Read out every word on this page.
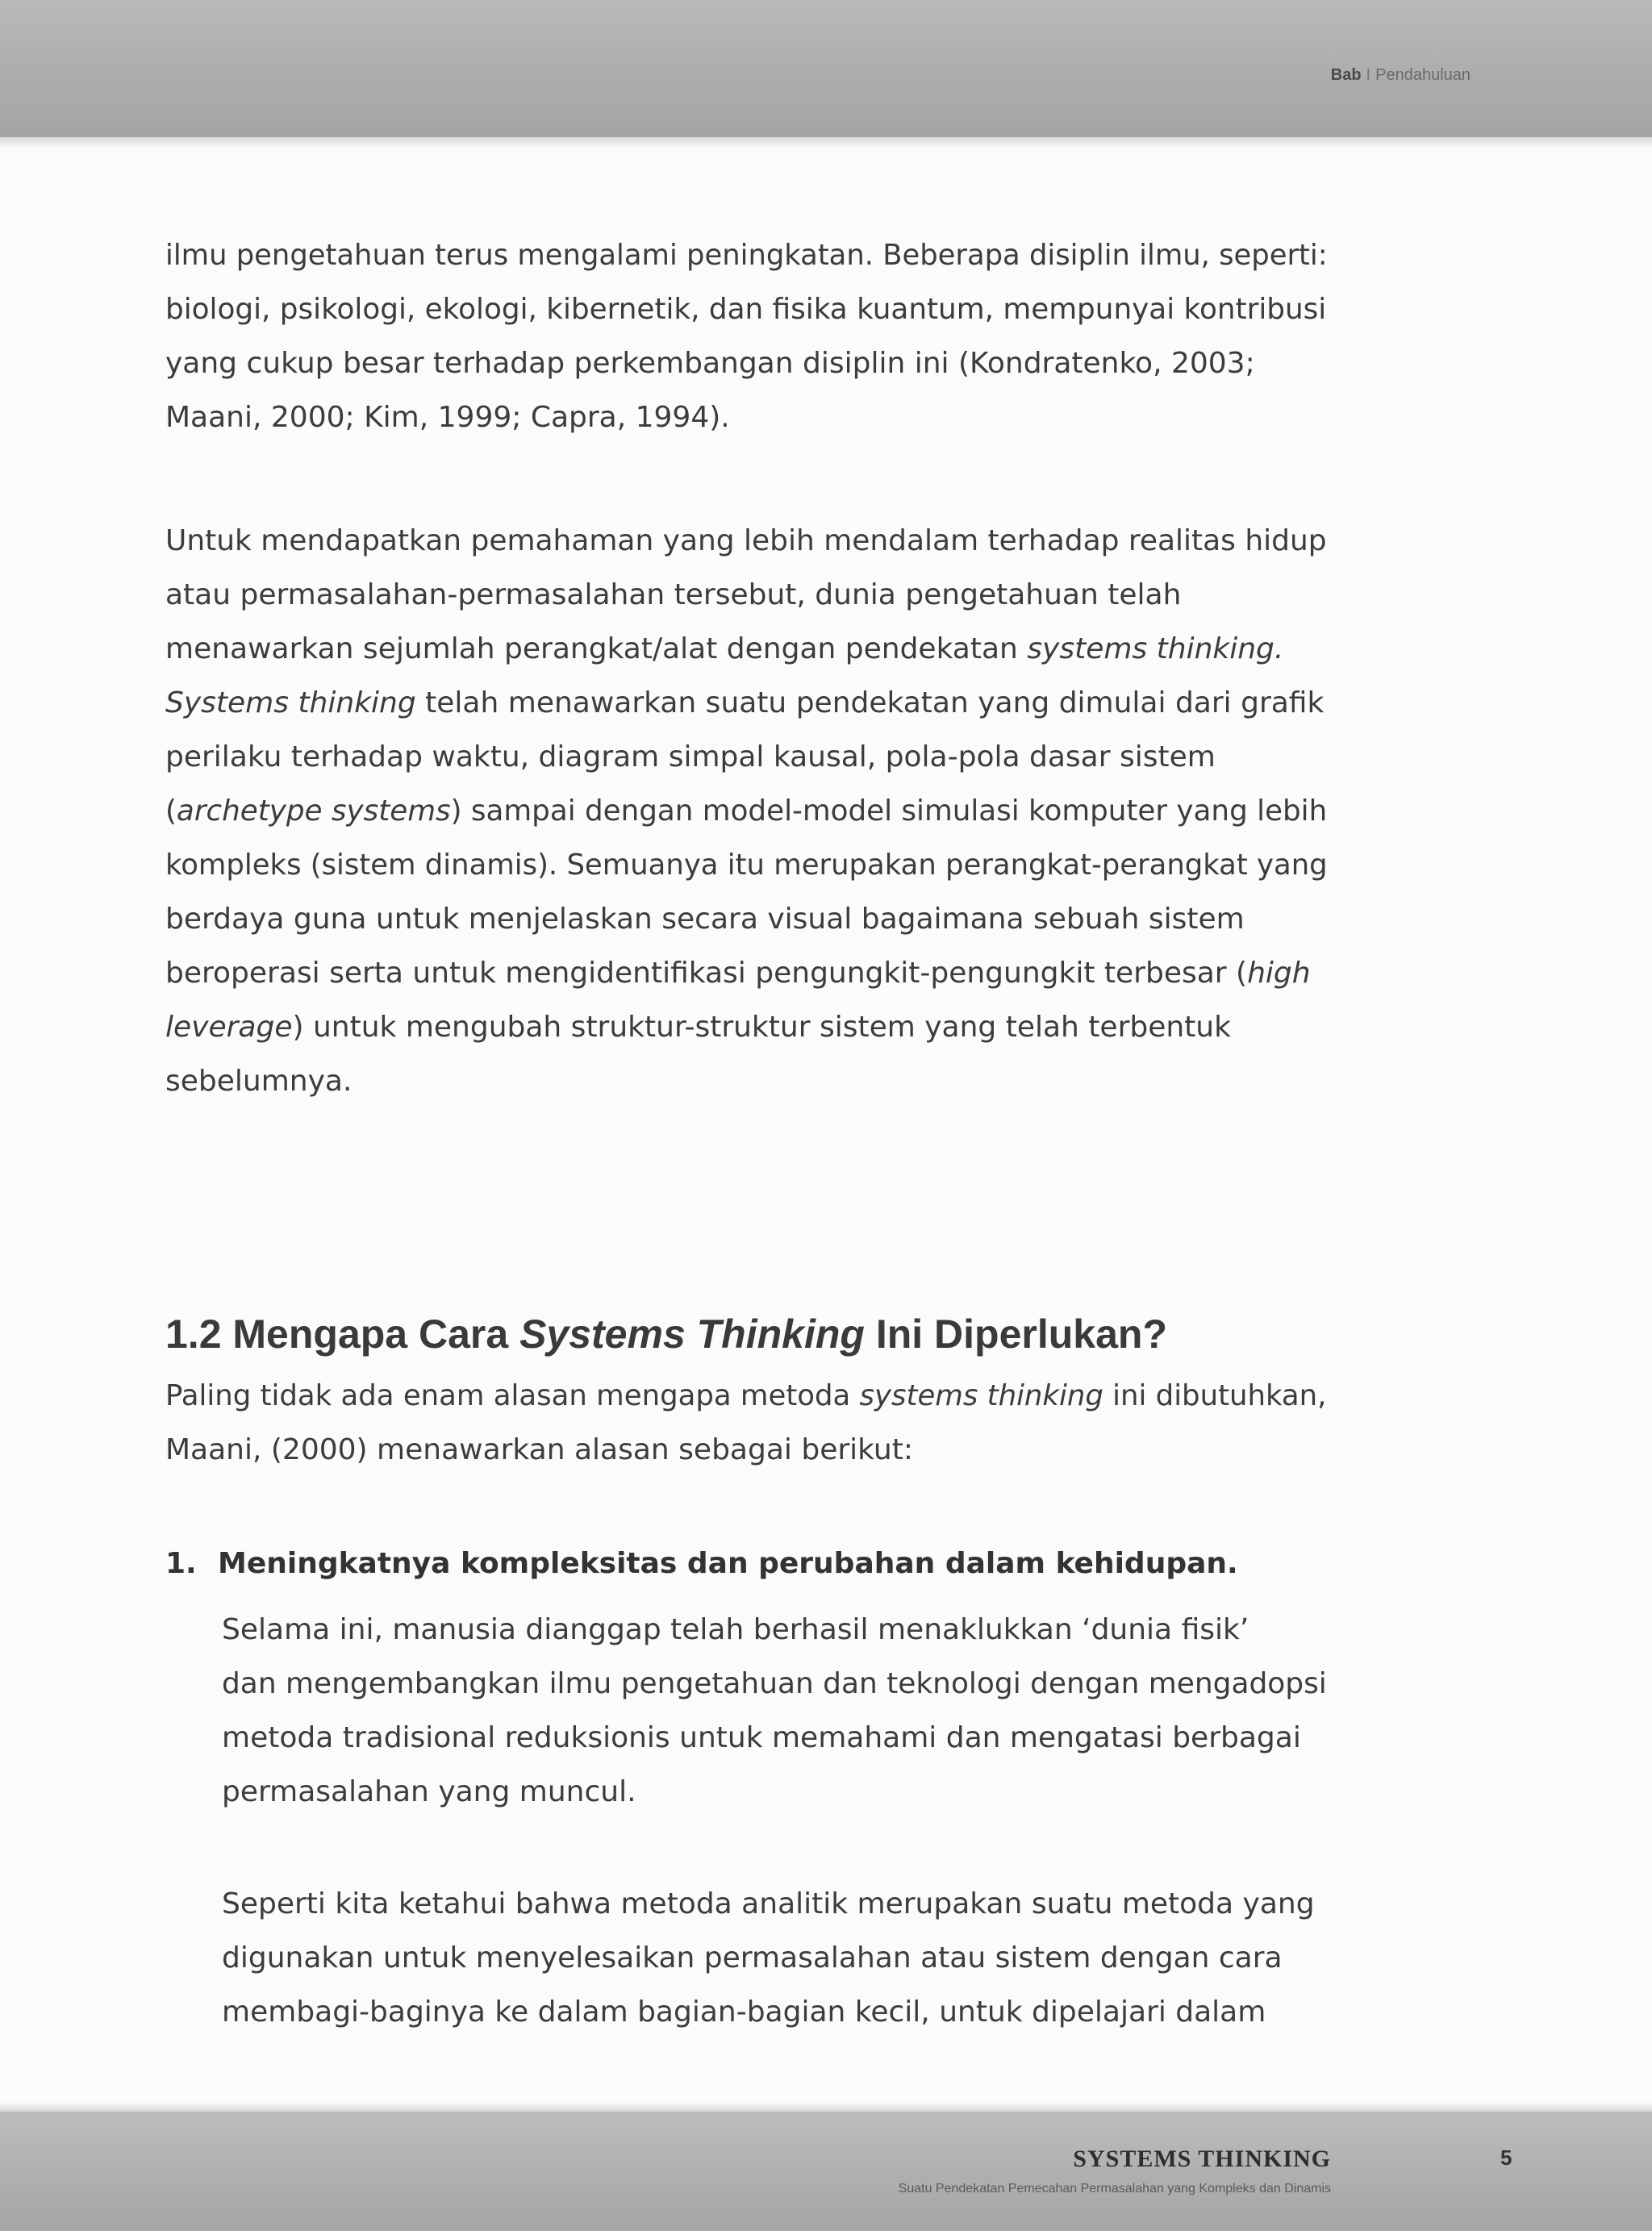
Bab I Pendahuluan
ilmu pengetahuan terus mengalami peningkatan. Beberapa disiplin ilmu, seperti:
biologi, psikologi, ekologi, kibernetik, dan fisika kuantum, mempunyai kontribusi
yang cukup besar terhadap perkembangan disiplin ini (Kondratenko, 2003;
Maani, 2000; Kim, 1999; Capra, 1994).
Untuk mendapatkan pemahaman yang lebih mendalam terhadap realitas hidup
atau permasalahan-permasalahan tersebut, dunia pengetahuan telah
menawarkan sejumlah perangkat/alat dengan pendekatan systems thinking.
Systems thinking telah menawarkan suatu pendekatan yang dimulai dari grafik
perilaku terhadap waktu, diagram simpal kausal, pola-pola dasar sistem
(archetype systems) sampai dengan model-model simulasi komputer yang lebih
kompleks (sistem dinamis). Semuanya itu merupakan perangkat-perangkat yang
berdaya guna untuk menjelaskan secara visual bagaimana sebuah sistem
beroperasi serta untuk mengidentifikasi pengungkit-pengungkit terbesar (high
leverage) untuk mengubah struktur-struktur sistem yang telah terbentuk
sebelumnya.
1.2 Mengapa Cara Systems Thinking Ini Diperlukan?
Paling tidak ada enam alasan mengapa metoda systems thinking ini dibutuhkan,
Maani, (2000) menawarkan alasan sebagai berikut:
1. Meningkatnya kompleksitas dan perubahan dalam kehidupan.
Selama ini, manusia dianggap telah berhasil menaklukkan ‘dunia fisik’
dan mengembangkan ilmu pengetahuan dan teknologi dengan mengadopsi
metoda tradisional reduksionis untuk memahami dan mengatasi berbagai
permasalahan yang muncul.
Seperti kita ketahui bahwa metoda analitik merupakan suatu metoda yang
digunakan untuk menyelesaikan permasalahan atau sistem dengan cara
membagi-baginya ke dalam bagian-bagian kecil, untuk dipelajari dalam
SYSTEMS THINKING
Suatu Pendekatan Pemecahan Permasalahan yang Kompleks dan Dinamis
5
